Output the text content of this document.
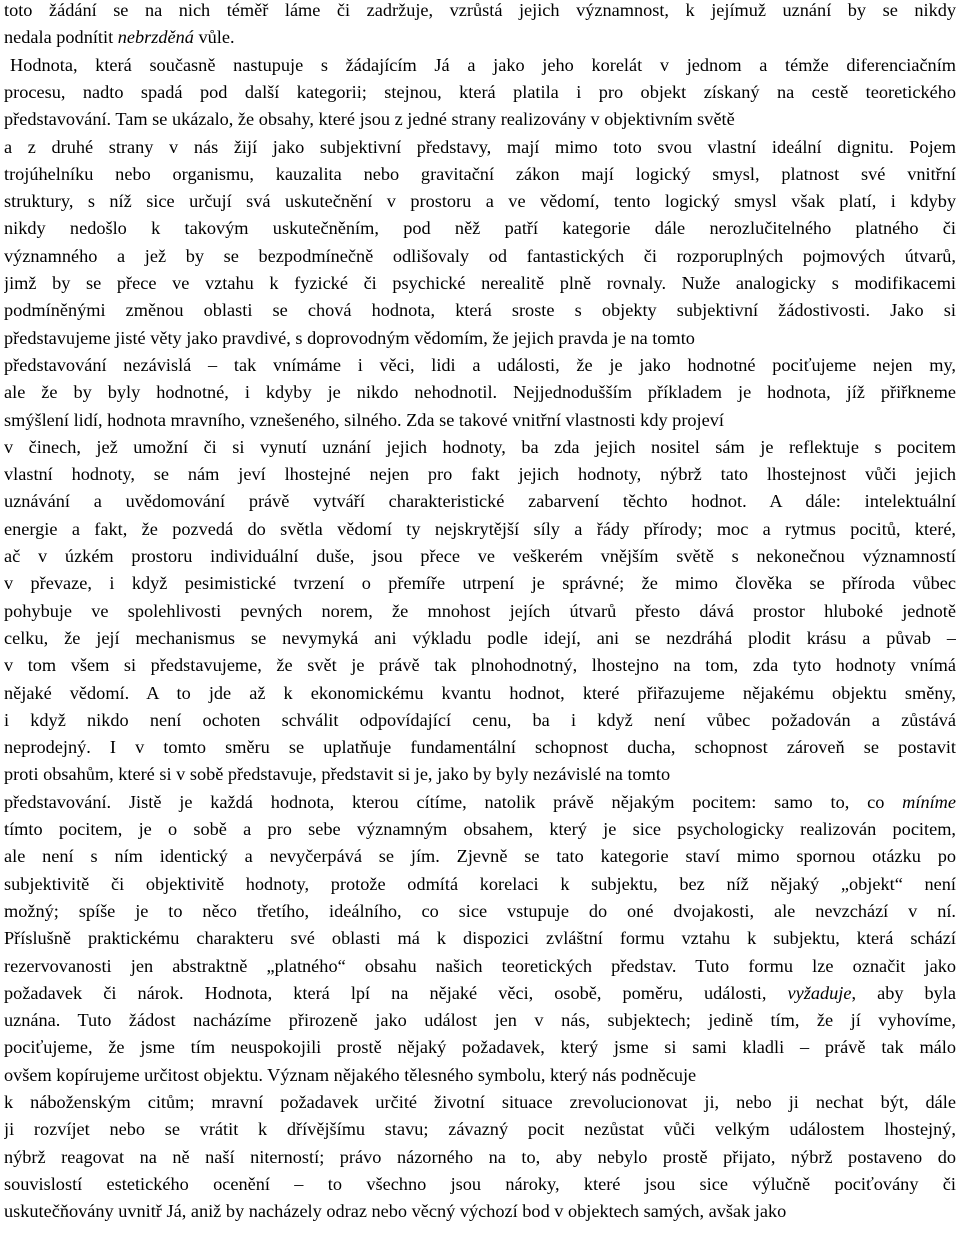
toto žádání se na nich téměř láme či zadržuje, vzrůstá jejich významnost, k jejímuž uznání by se nikdy
nedala podnítit nebrzděná vůle.
Hodnota, která současně nastupuje s žádajícím Já a jako jeho korelát v jednom a témže diferenciačním
procesu, nadto spadá pod další kategorii; stejnou, která platila i pro objekt získaný na cestě teoretického
představování. Tam se ukázalo, že obsahy, které jsou z jedné strany realizovány v objektivním světě
a z druhé strany v nás žijí jako subjektivní představy, mají mimo toto svou vlastní ideální dignitu. Pojem
trojúhelníku nebo organismu, kauzalita nebo gravitační zákon mají logický smysl, platnost své vnitřní
struktury, s níž sice určují svá uskutečnění v prostoru a ve vědomí, tento logický smysl však platí, i kdyby
nikdy nedošlo k takovým uskutečněním, pod něž patří kategorie dále nerozlučitelného platného či
významného a jež by se bezpodmínečně odlišovaly od fantastických či rozporuplných pojmových útvarů,
jimž by se přece ve vztahu k fyzické či psychické nerealitě plně rovnaly. Nuže analogicky s modifikacemi
podmíněnými změnou oblasti se chová hodnota, která sroste s objekty subjektivní žádostivosti. Jako si
představujeme jisté věty jako pravdivé, s doprovodným vědomím, že jejich pravda je na tomto
představování nezávislá – tak vnímáme i věci, lidi a události, že je jako hodnotné pociťujeme nejen my,
ale že by byly hodnotné, i kdyby je nikdo nehodnotil. Nejjednodušším příkladem je hodnota, jíž přiřkneme
smýšlení lidí, hodnota mravního, vznešeného, silného. Zda se takové vnitřní vlastnosti kdy projeví
v činech, jež umožní či si vynutí uznání jejich hodnoty, ba zda jejich nositel sám je reflektuje s pocitem
vlastní hodnoty, se nám jeví lhostejné nejen pro fakt jejich hodnoty, nýbrž tato lhostejnost vůči jejich
uznávání a uvědomování právě vytváří charakteristické zabarvení těchto hodnot. A dále: intelektuální
energie a fakt, že pozvedá do světla vědomí ty nejskrytější síly a řády přírody; moc a rytmus pocitů, které,
ač v úzkém prostoru individuální duše, jsou přece ve veškerém vnějším světě s nekonečnou významností
v převaze, i když pesimistické tvrzení o přemíře utrpení je správné; že mimo člověka se příroda vůbec
pohybuje ve spolehlivosti pevných norem, že mnohost jejích útvarů přesto dává prostor hluboké jednotě
celku, že její mechanismus se nevymyká ani výkladu podle idejí, ani se nezdráhá plodit krásu a půvab –
v tom všem si představujeme, že svět je právě tak plnohodnotný, lhostejno na tom, zda tyto hodnoty vnímá
nějaké vědomí. A to jde až k ekonomickému kvantu hodnot, které přiřazujeme nějakému objektu směny,
i když nikdo není ochoten schválit odpovídající cenu, ba i když není vůbec požadován a zůstává
neprodejný. I v tomto směru se uplatňuje fundamentální schopnost ducha, schopnost zároveň se postavit
proti obsahům, které si v sobě představuje, představit si je, jako by byly nezávislé na tomto
představování. Jistě je každá hodnota, kterou cítíme, natolik právě nějakým pocitem: samo to, co míníme
tímto pocitem, je o sobě a pro sebe významným obsahem, který je sice psychologicky realizován pocitem,
ale není s ním identický a nevyčerpává se jím. Zjevně se tato kategorie staví mimo spornou otázku po
subjektivitě či objektivitě hodnoty, protože odmítá korelaci k subjektu, bez níž nějaký „objekt“ není
možný; spíše je to něco třetího, ideálního, co sice vstupuje do oné dvojakosti, ale nevzchází v ní.
Příslušně praktickému charakteru své oblasti má k dispozici zvláštní formu vztahu k subjektu, která schází
rezervovanosti jen abstraktně „platného“ obsahu našich teoretických představ. Tuto formu lze označit jako
požadavek či nárok. Hodnota, která lpí na nějaké věci, osobě, poměru, události, vyžaduje, aby byla
uznána. Tuto žádost nacházíme přirozeně jako událost jen v nás, subjektech; jedině tím, že jí vyhovíme,
pociťujeme, že jsme tím neuspokojili prostě nějaký požadavek, který jsme si sami kladli – právě tak málo
ovšem kopírujeme určitost objektu. Význam nějakého tělesného symbolu, který nás podněcuje
k náboženským citům; mravní požadavek určité životní situace zrevolucionovat ji, nebo ji nechat být, dále
ji rozvíjet nebo se vrátit k dřívějšímu stavu; závazný pocit nezůstat vůči velkým událostem lhostejný,
nýbrž reagovat na ně naší niterností; právo názorného na to, aby nebylo prostě přijato, nýbrž postaveno do
souvislostí estetického ocenění – to všechno jsou nároky, které jsou sice výlučně pociťovány či
uskutečňovány uvnitř Já, aniž by nacházely odraz nebo věcný výchozí bod v objektech samých, avšak jako
